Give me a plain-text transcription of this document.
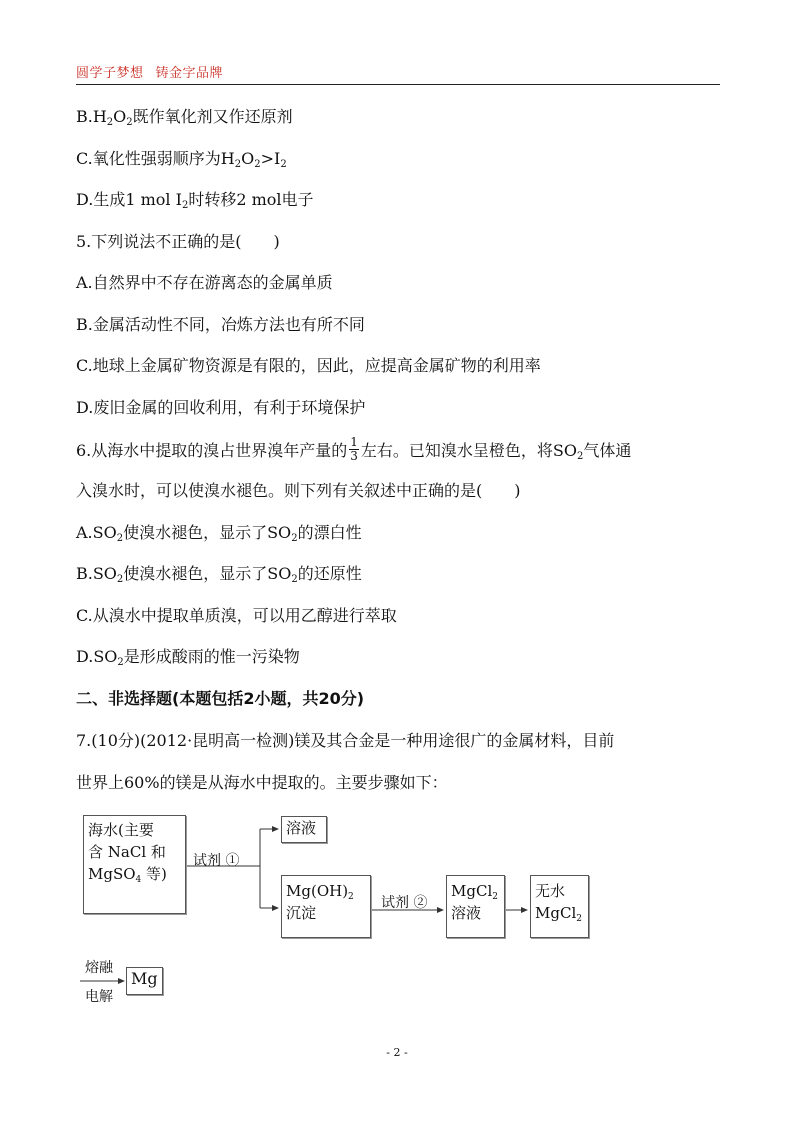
圆学子梦想 铸金字品牌
$B.H_2O_2$既作氧化剂又作还原剂
C.氧化性强弱顺序为$H_2O_2>I_2$
D.生成1 mol $I_2$时转移2 mol电子
5.下列说法不正确的是(　　)
A.自然界中不存在游离态的金属单质
B.金属活动性不同，冶炼方法也有所不同
C.地球上金属矿物资源是有限的，因此，应提高金属矿物的利用率
D.废旧金属的回收利用，有利于环境保护
6.从海水中提取的溴占世界溴年产量的 $\frac{1}{3}$ 左右。已知溴水呈橙色，将$SO_2$气体通
入溴水时，可以使溴水褪色。则下列有关叙述中正确的是(　　)
$A.SO_2$使溴水褪色，显示了$SO_2$的漂白性
$B.SO_2$使溴水褪色，显示了$SO_2$的还原性
C.从溴水中提取单质溴，可以用乙醇进行萃取
$D.SO_2$是形成酸雨的惟一污染物
二、非选择题(本题包括2小题，共20分)
7.(10分)(2012·昆明高一检测)镁及其合金是一种用途很广的金属材料，目前
世界上60%的镁是从海水中提取的。主要步骤如下：
海水(主要
含 NaCl 和
MgSO$_4$ 等)
试剂 ①
溶液
$Mg(OH)_2$
沉淀
试剂 ②
MgCl$_2$
溶液
无水
MgCl$_2$
熔融
电解
Mg
- 2 -
